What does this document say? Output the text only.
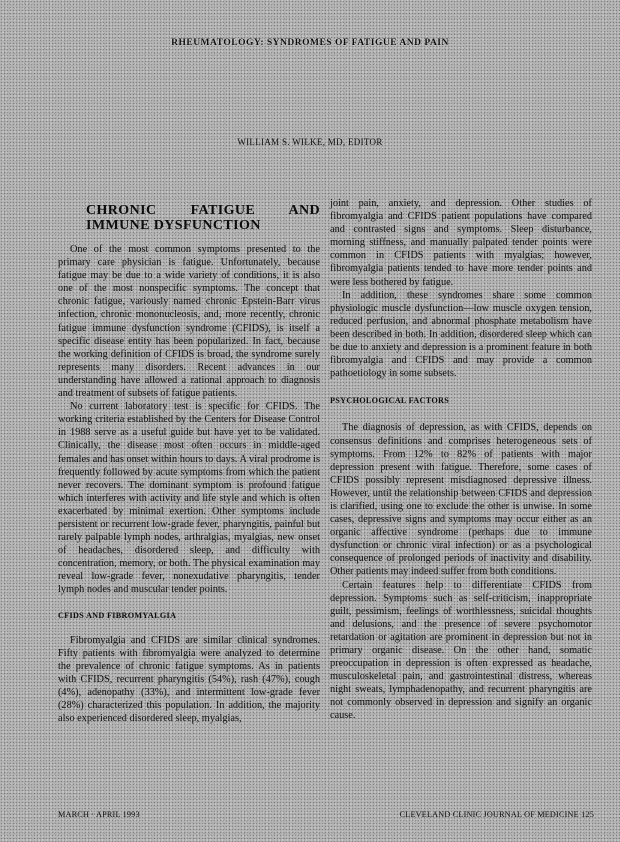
RHEUMATOLOGY: SYNDROMES OF FATIGUE AND PAIN
WILLIAM S. WILKE, MD, EDITOR
CHRONIC FATIGUE AND IMMUNE DYSFUNCTION

One of the most common symptoms presented to the primary care physician is fatigue. Unfortunately, because fatigue may be due to a wide variety of conditions, it is also one of the most nonspecific symptoms. The concept that chronic fatigue, variously named chronic Epstein-Barr virus infection, chronic mononucleosis, and, more recently, chronic fatigue immune dysfunction syndrome (CFIDS), is itself a specific disease entity has been popularized. In fact, because the working definition of CFIDS is broad, the syndrome surely represents many disorders. Recent advances in our understanding have allowed a rational approach to diagnosis and treatment of subsets of fatigue patients.

No current laboratory test is specific for CFIDS. The working criteria established by the Centers for Disease Control in 1988 serve as a useful guide but have yet to be validated. Clinically, the disease most often occurs in middle-aged females and has onset within hours to days. A viral prodrome is frequently followed by acute symptoms from which the patient never recovers. The dominant symptom is profound fatigue which interferes with activity and life style and which is often exacerbated by minimal exertion. Other symptoms include persistent or recurrent low-grade fever, pharyngitis, painful but rarely palpable lymph nodes, arthralgias, myalgias, new onset of headaches, disordered sleep, and difficulty with concentration, memory, or both. The physical examination may reveal low-grade fever, nonexudative pharyngitis, tender lymph nodes and muscular tender points.

CFIDS AND FIBROMYALGIA

Fibromyalgia and CFIDS are similar clinical syndromes. Fifty patients with fibromyalgia were analyzed to determine the prevalence of chronic fatigue symptoms. As in patients with CFIDS, recurrent pharyngitis (54%), rash (47%), cough (4%), adenopathy (33%), and intermittent low-grade fever (28%) characterized this population. In addition, the majority also experienced disordered sleep, myalgias,

joint pain, anxiety, and depression. Other studies of fibromyalgia and CFIDS patient populations have compared and contrasted signs and symptoms. Sleep disturbance, morning stiffness, and manually palpated tender points were common in CFIDS patients with myalgias; however, fibromyalgia patients tended to have more tender points and were less bothered by fatigue.

In addition, these syndromes share some common physiologic muscle dysfunction—low muscle oxygen tension, reduced perfusion, and abnormal phosphate metabolism have been described in both. In addition, disordered sleep which can be due to anxiety and depression is a prominent feature in both fibromyalgia and CFIDS and may provide a common pathoetiology in some subsets.

PSYCHOLOGICAL FACTORS

The diagnosis of depression, as with CFIDS, depends on consensus definitions and comprises heterogeneous sets of symptoms. From 12% to 82% of patients with major depression present with fatigue. Therefore, some cases of CFIDS possibly represent misdiagnosed depressive illness. However, until the relationship between CFIDS and depression is clarified, using one to exclude the other is unwise. In some cases, depressive signs and symptoms may occur either as an organic affective syndrome (perhaps due to immune dysfunction or chronic viral infection) or as a psychological consequence of prolonged periods of inactivity and disability. Other patients may indeed suffer from both conditions.

Certain features help to differentiate CFIDS from depression. Symptoms such as self-criticism, inappropriate guilt, pessimism, feelings of worthlessness, suicidal thoughts and delusions, and the presence of severe psychomotor retardation or agitation are prominent in depression but not in primary organic disease. On the other hand, somatic preoccupation in depression is often expressed as headache, musculoskeletal pain, and gastrointestinal distress, whereas night sweats, lymphadenopathy, and recurrent pharyngitis are not commonly observed in depression and signify an organic cause.

MARCH · APRIL 1993	CLEVELAND CLINIC JOURNAL OF MEDICINE 125
